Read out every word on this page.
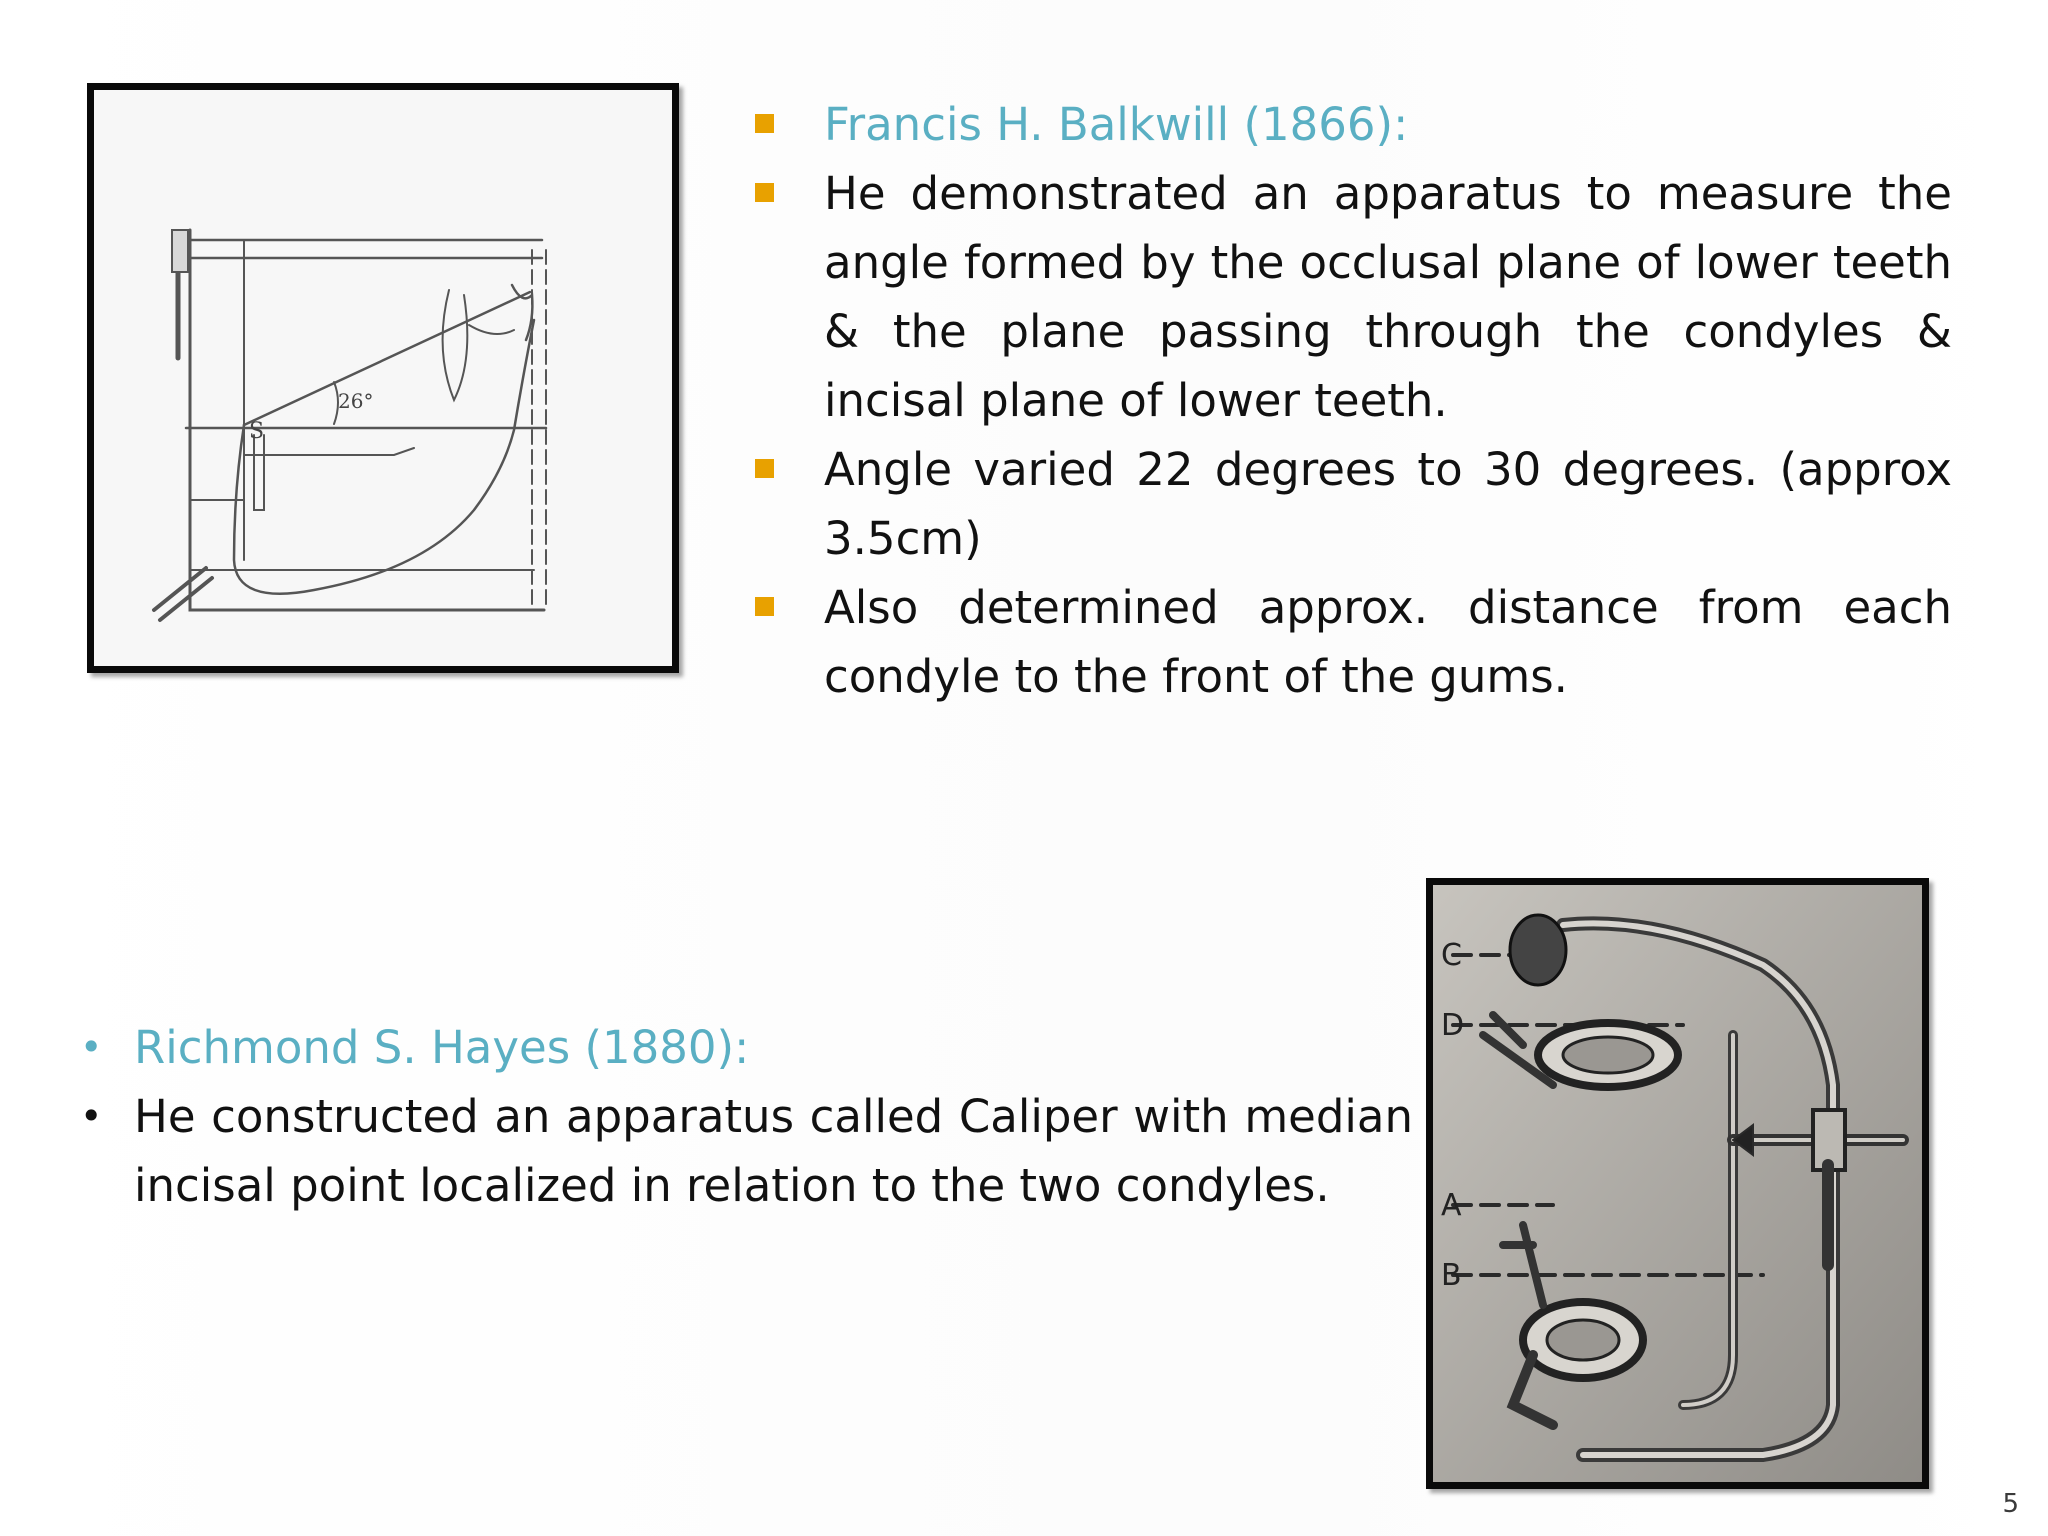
S
26°
C
D
A
B
Francis H. Balkwill (1866):
He demonstrated an apparatus to measure the angle formed by the occlusal plane of lower teeth & the plane passing through the condyles & incisal plane of lower teeth.
Angle varied 22 degrees to 30 degrees. (approx 3.5cm)
Also determined approx. distance from each condyle to the front of the gums.
• Richmond S. Hayes (1880):
• He constructed an apparatus called Caliper with median incisal point localized in relation to the two condyles.
5
